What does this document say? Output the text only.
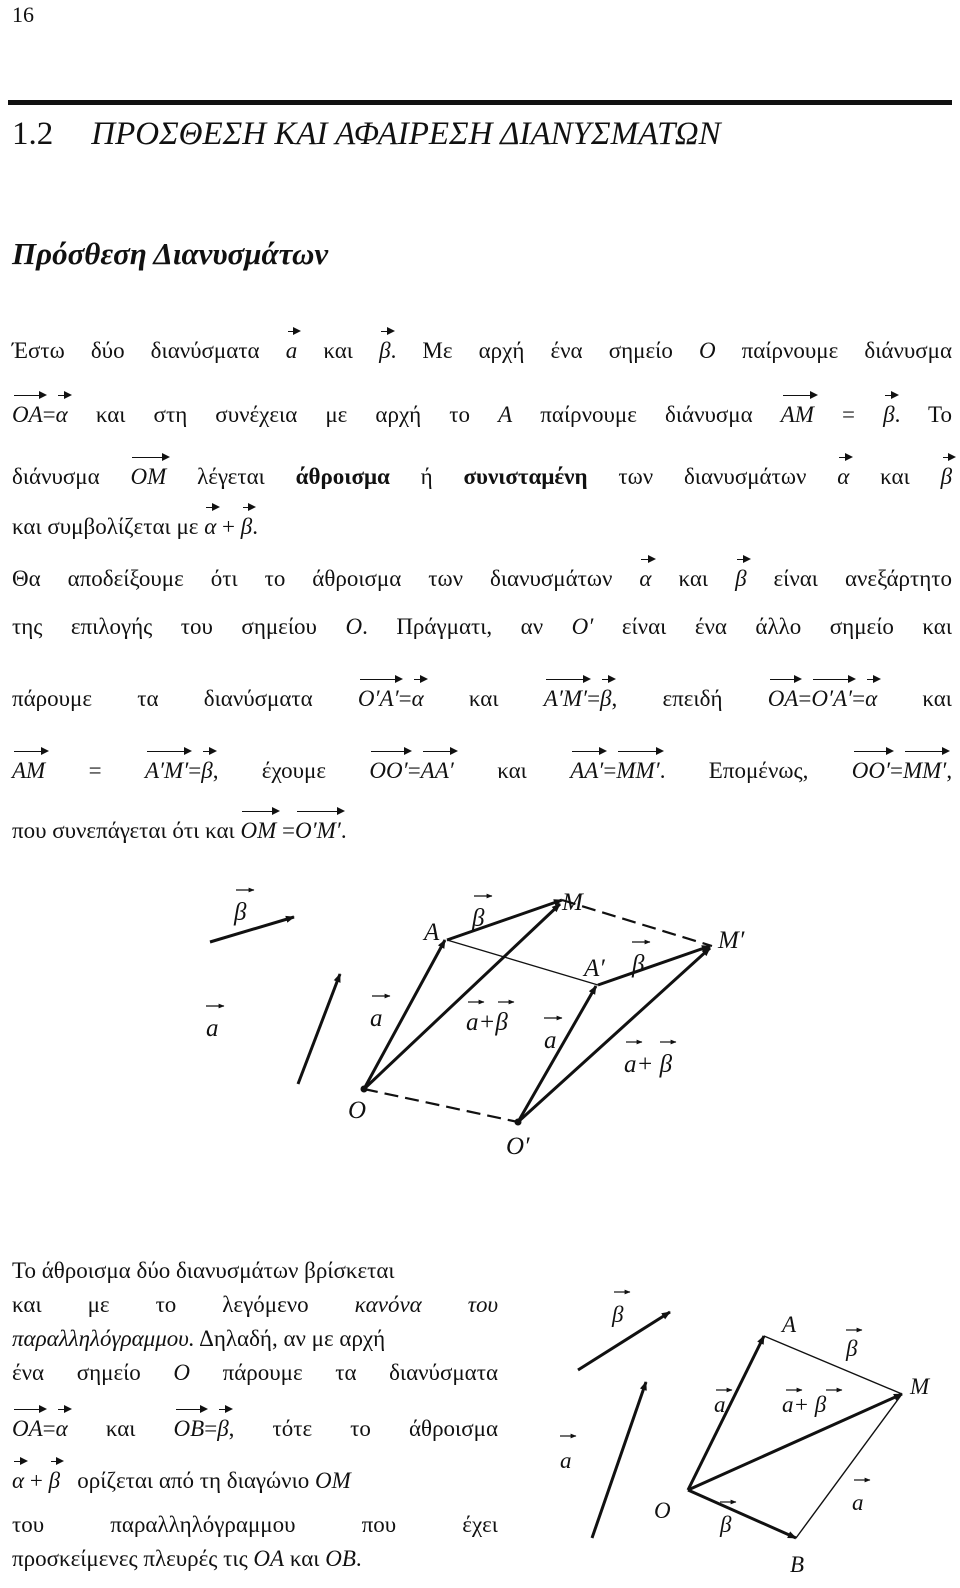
16
1.2 ΠΡΟΣΘΕΣΗ ΚΑΙ ΑΦΑΙΡΕΣΗ ΔΙΑΝΥΣΜΑΤΩΝ
Πρόσθεση Διανυσμάτων
Έστω δύο διανύσματα a και β. Με αρχή ένα σημείο O παίρνουμε διάνυσμα
OA=α και στη συνέχεια με αρχή το A παίρνουμε διάνυσμα AM = β. Το
διάνυσμα OM λέγεται άθροισμα ή συνισταμένη των διανυσμάτων α και β
και συμβολίζεται με α + β.
Θα αποδείξουμε ότι το άθροισμα των διανυσμάτων α και β είναι ανεξάρτητο
της επιλογής του σημείου O. Πράγματι, αν O′ είναι ένα άλλο σημείο και
πάρουμε τα διανύσματα O′A′=α και A′M′=β, επειδή OA=O′A′=α και
AM = A′M′=β, έχουμε OO′=AA′ και AA′=MM′. Επομένως, OO′=MM′,
που συνεπάγεται ότι και OM =O′M′.
β
a
A
β
M
A′ β
M′
a	a+β
a
a+ β
O
O′
Το άθροισμα δύο διανυσμάτων βρίσκεται
και με το λεγόμενο κανόνα του
παραλληλόγραμμου. Δηλαδή, αν με αρχή
ένα σημείο O πάρουμε τα διανύσματα
OA=α και OB=β, τότε το άθροισμα
α + β ορίζεται από τη διαγώνιο OM
του παραλληλόγραμμου που έχει
προσκείμενες πλευρές τις OA και OB.
β
a
A
β
a a+ β
M
O
β
a
B
